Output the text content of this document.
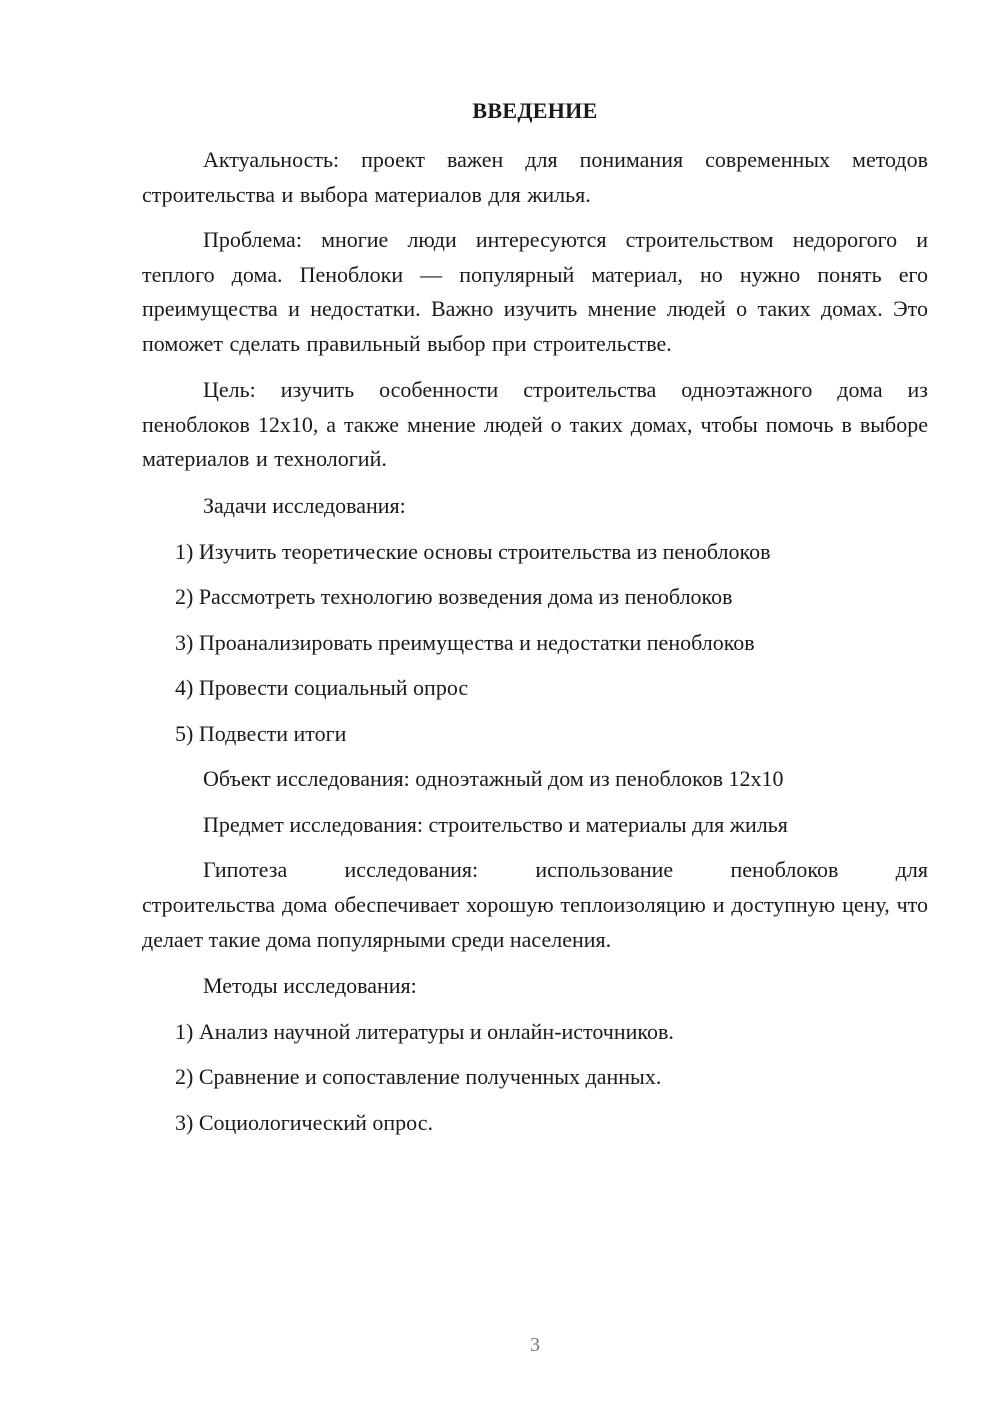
ВВЕДЕНИЕ

Актуальность: проект важен для понимания современных методов строительства и выбора материалов для жилья.

Проблема: многие люди интересуются строительством недорогого и теплого дома. Пеноблоки — популярный материал, но нужно понять его преимущества и недостатки. Важно изучить мнение людей о таких домах. Это поможет сделать правильный выбор при строительстве.

Цель: изучить особенности строительства одноэтажного дома из пеноблоков 12х10, а также мнение людей о таких домах, чтобы помочь в выборе материалов и технологий.

Задачи исследования:
1) Изучить теоретические основы строительства из пеноблоков
2) Рассмотреть технологию возведения дома из пеноблоков
3) Проанализировать преимущества и недостатки пеноблоков
4) Провести социальный опрос
5) Подвести итоги
Объект исследования: одноэтажный дом из пеноблоков 12х10
Предмет исследования: строительство и материалы для жилья
Гипотеза	исследования:	использование	пеноблоков	для

строительства дома обеспечивает хорошую теплоизоляцию и доступную цену, что делает такие дома популярными среди населения.

Методы исследования:
1) Анализ научной литературы и онлайн-источников.
2) Сравнение и сопоставление полученных данных.
3) Социологический опрос.
3
